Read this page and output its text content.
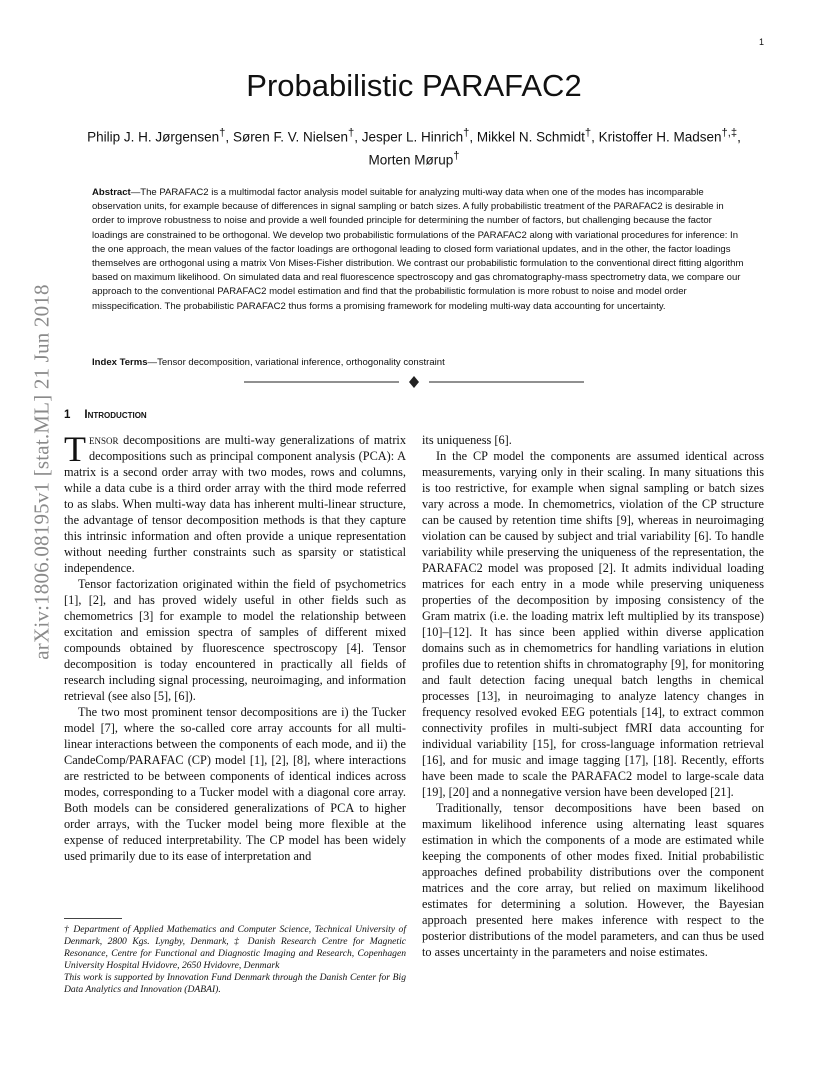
1
arXiv:1806.08195v1 [stat.ML] 21 Jun 2018
Probabilistic PARAFAC2
Philip J. H. Jørgensen†, Søren F. V. Nielsen†, Jesper L. Hinrich†, Mikkel N. Schmidt†, Kristoffer H. Madsen†,‡, Morten Mørup†
Abstract—The PARAFAC2 is a multimodal factor analysis model suitable for analyzing multi-way data when one of the modes has incomparable observation units, for example because of differences in signal sampling or batch sizes. A fully probabilistic treatment of the PARAFAC2 is desirable in order to improve robustness to noise and provide a well founded principle for determining the number of factors, but challenging because the factor loadings are constrained to be orthogonal. We develop two probabilistic formulations of the PARAFAC2 along with variational procedures for inference: In the one approach, the mean values of the factor loadings are orthogonal leading to closed form variational updates, and in the other, the factor loadings themselves are orthogonal using a matrix Von Mises-Fisher distribution. We contrast our probabilistic formulation to the conventional direct fitting algorithm based on maximum likelihood. On simulated data and real fluorescence spectroscopy and gas chromatography-mass spectrometry data, we compare our approach to the conventional PARAFAC2 model estimation and find that the probabilistic formulation is more robust to noise and model order misspecification. The probabilistic PARAFAC2 thus forms a promising framework for modeling multi-way data accounting for uncertainty.
Index Terms—Tensor decomposition, variational inference, orthogonality constraint
1 Introduction

Tensor decompositions are multi-way generalizations of matrix decompositions such as principal component analysis (PCA): A matrix is a second order array with two modes, rows and columns, while a data cube is a third order array with the third mode referred to as slabs. When multi-way data has inherent multi-linear structure, the advantage of tensor decomposition methods is that they capture this intrinsic information and often provide a unique representation without needing further constraints such as sparsity or statistical independence.

Tensor factorization originated within the field of psychometrics [1], [2], and has proved widely useful in other fields such as chemometrics [3] for example to model the relationship between excitation and emission spectra of samples of different mixed compounds obtained by fluorescence spectroscopy [4]. Tensor decomposition is today encountered in practically all fields of research including signal processing, neuroimaging, and information retrieval (see also [5], [6]).

The two most prominent tensor decompositions are i) the Tucker model [7], where the so-called core array accounts for all multi-linear interactions between the components of each mode, and ii) the CandeComp/PARAFAC (CP) model [1], [2], [8], where interactions are restricted to be between components of identical indices across modes, corresponding to a Tucker model with a diagonal core array. Both models can be considered generalizations of PCA to higher order arrays, with the Tucker model being more flexible at the expense of reduced interpretability. The CP model has been widely used primarily due to its ease of interpretation and

its uniqueness [6].

In the CP model the components are assumed identical across measurements, varying only in their scaling. In many situations this is too restrictive, for example when signal sampling or batch sizes vary across a mode. In chemometrics, violation of the CP structure can be caused by retention time shifts [9], whereas in neuroimaging violation can be caused by subject and trial variability [6]. To handle variability while preserving the uniqueness of the representation, the PARAFAC2 model was proposed [2]. It admits individual loading matrices for each entry in a mode while preserving uniqueness properties of the decomposition by imposing consistency of the Gram matrix (i.e. the loading matrix left multiplied by its transpose) [10]–[12]. It has since been applied within diverse application domains such as in chemometrics for handling variations in elution profiles due to retention shifts in chromatography [9], for monitoring and fault detection facing unequal batch lengths in chemical processes [13], in neuroimaging to analyze latency changes in frequency resolved evoked EEG potentials [14], to extract common connectivity profiles in multi-subject fMRI data accounting for individual variability [15], for cross-language information retrieval [16], and for music and image tagging [17], [18]. Recently, efforts have been made to scale the PARAFAC2 model to large-scale data [19], [20] and a nonnegative version have been developed [21].

Traditionally, tensor decompositions have been based on maximum likelihood inference using alternating least squares estimation in which the components of a mode are estimated while keeping the components of other modes fixed. Initial probabilistic approaches defined probability distributions over the component matrices and the core array, but relied on maximum likelihood estimates for determining a solution. However, the Bayesian approach presented here makes inference with respect to the posterior distributions of the model parameters, and can thus be used to asses uncertainty in the parameters and noise estimates.

† Department of Applied Mathematics and Computer Science, Technical University of Denmark, 2800 Kgs. Lyngby, Denmark, ‡ Danish Research Centre for Magnetic Resonance, Centre for Functional and Diagnostic Imaging and Research, Copenhagen University Hospital Hvidovre, 2650 Hvidovre, Denmark

This work is supported by Innovation Fund Denmark through the Danish Center for Big Data Analytics and Innovation (DABAI).
